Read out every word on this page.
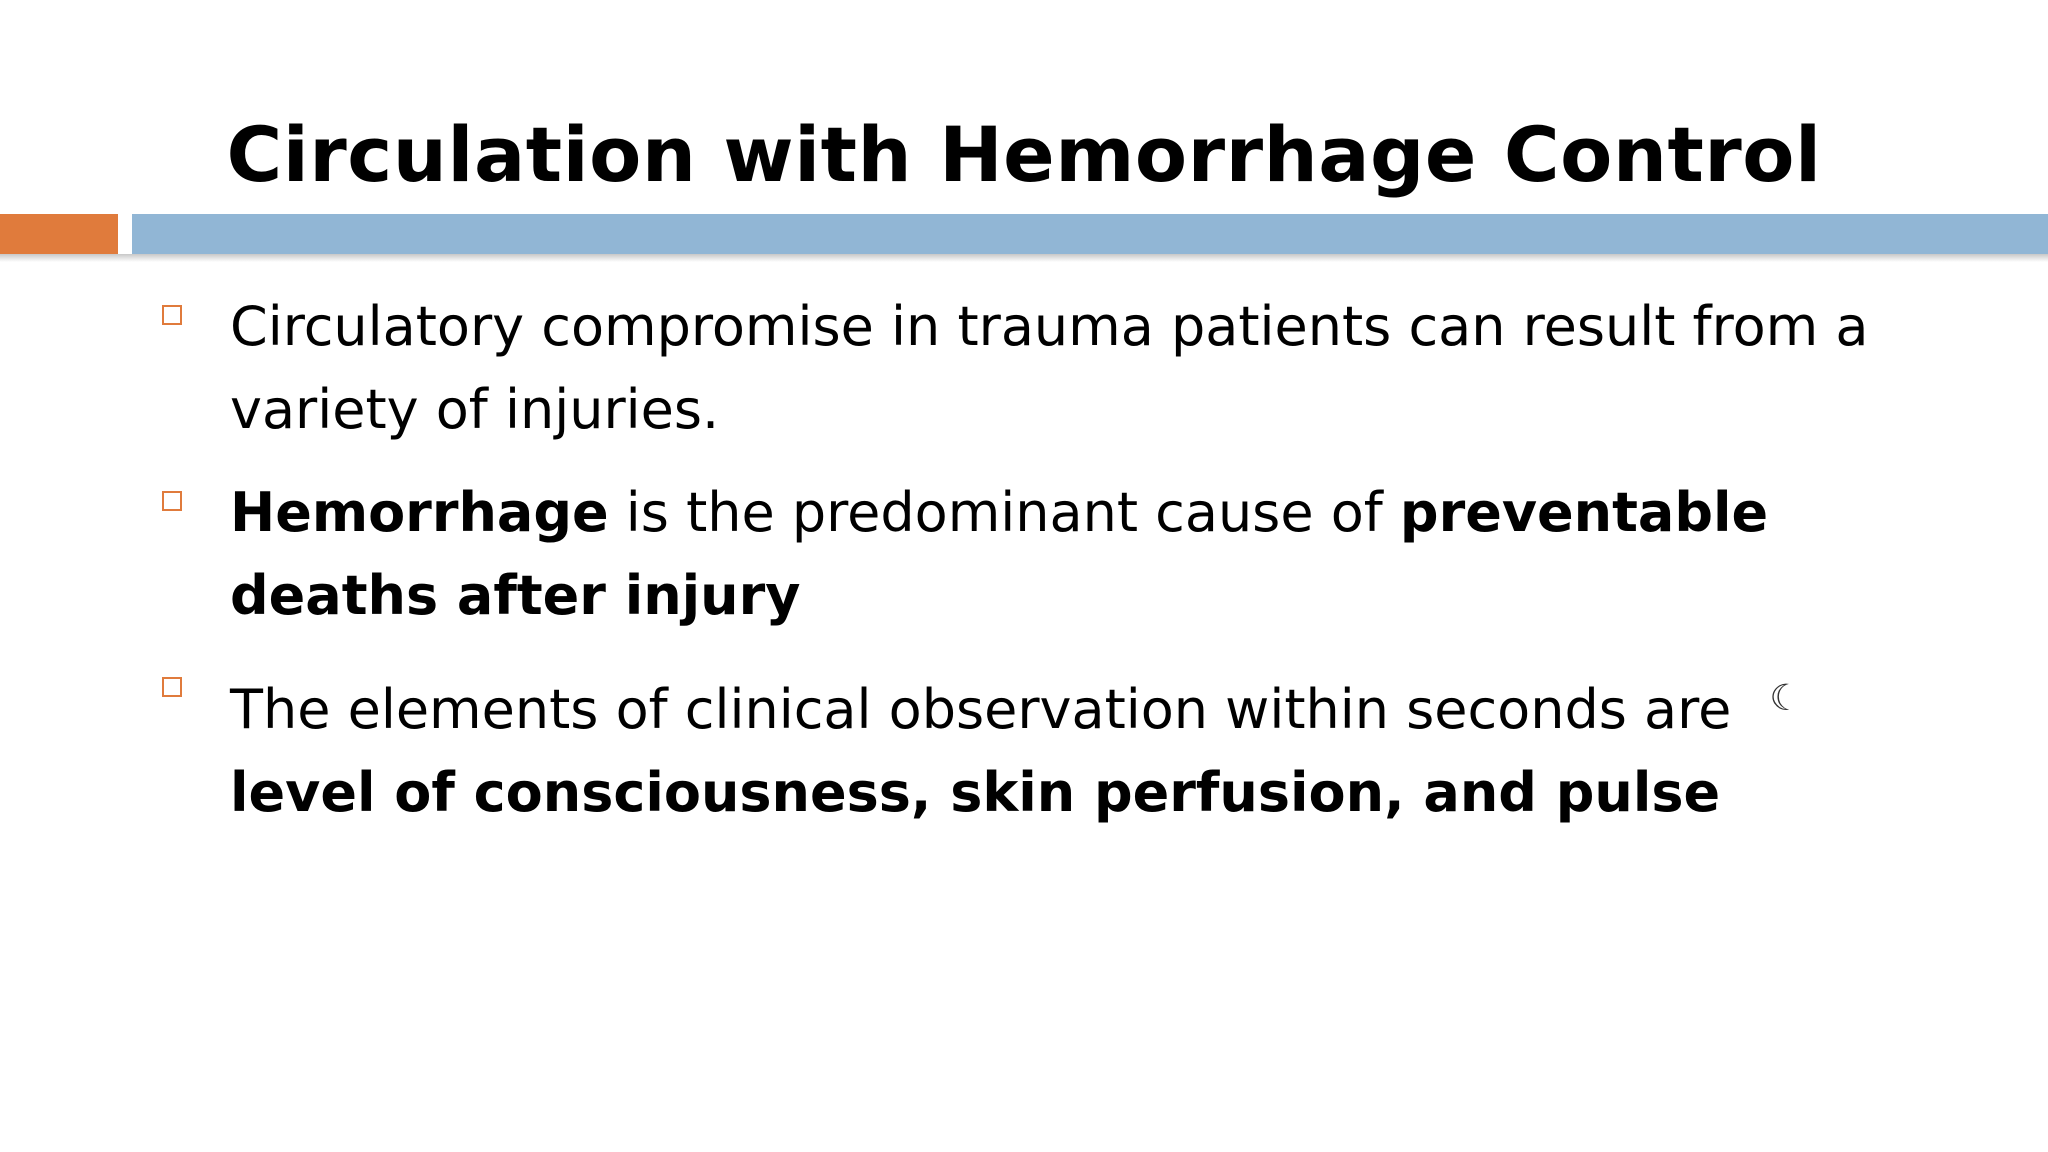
Circulation with Hemorrhage Control
Circulatory compromise in trauma patients can result from a variety of injuries.
Hemorrhage is the predominant cause of preventable deaths after injury
The elements of clinical observation within seconds are ☾
level of consciousness, skin perfusion, and pulse
